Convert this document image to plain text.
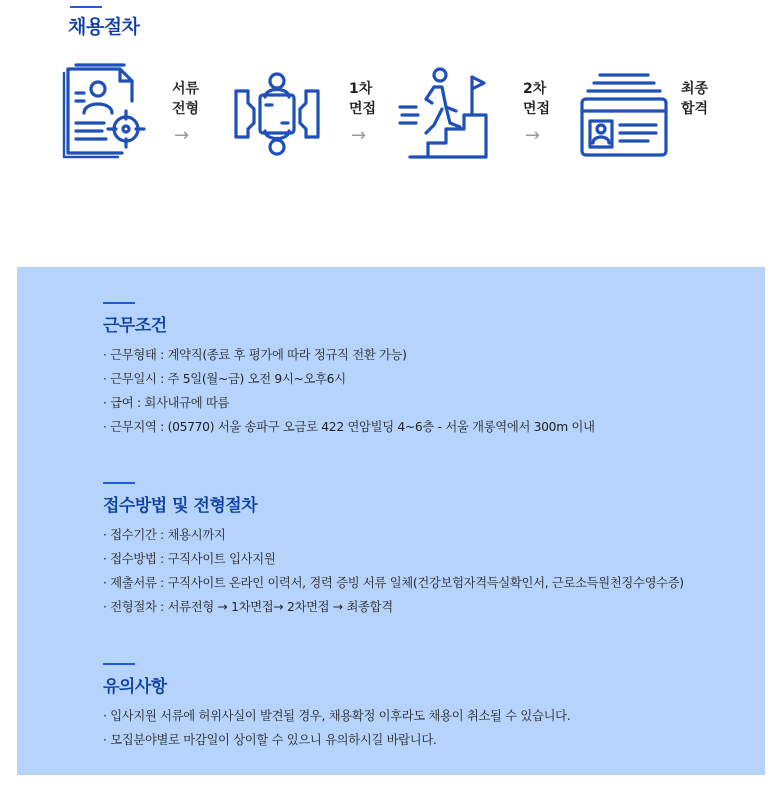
채용절차
서류
전형
→
1차
면접
→
2차
면접
→
최종
합격
근무조건
· 근무형태 : 계약직(종료 후 평가에 따라 정규직 전환 가능)
· 근무일시 : 주 5일(월~금) 오전 9시~오후6시
· 급여 : 회사내규에 따름
· 근무지역 : (05770) 서울 송파구 오금로 422 연암빌딩 4~6층 - 서울 개롱역에서 300m 이내
접수방법 및 전형절차
· 접수기간 : 채용시까지
· 접수방법 : 구직사이트 입사지원
· 제출서류 : 구직사이트 온라인 이력서, 경력 증빙 서류 일체(건강보험자격득실확인서, 근로소득원천징수영수증)
· 전형절차 : 서류전형 → 1차면접→ 2차면접 → 최종합격
유의사항
· 입사지원 서류에 허위사실이 발견될 경우, 채용확정 이후라도 채용이 취소될 수 있습니다.
· 모집분야별로 마감일이 상이할 수 있으니 유의하시길 바랍니다.
